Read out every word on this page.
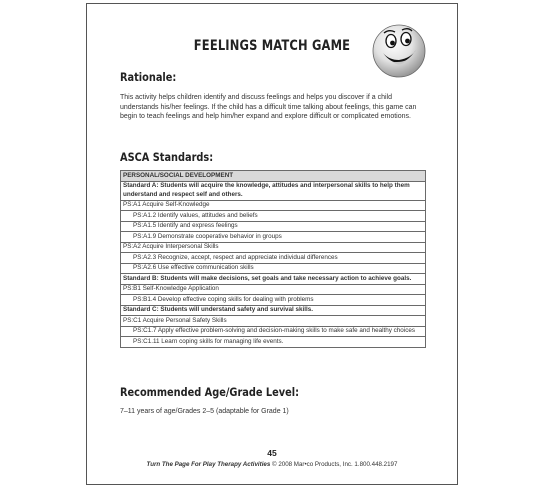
FEELINGS MATCH GAME
Rationale:
This activity helps children identify and discuss feelings and helps you discover if a child understands his/her feelings. If the child has a difficult time talking about feelings, this game can begin to teach feelings and help him/her expand and explore difficult or complicated emotions.
ASCA Standards:
PERSONAL/SOCIAL DEVELOPMENT
Standard A: Students will acquire the knowledge, attitudes and interpersonal skills to help them understand and respect self and others.
PS:A1 Acquire Self-Knowledge
PS:A1.2 Identify values, attitudes and beliefs
PS:A1.5 Identify and express feelings
PS:A1.9 Demonstrate cooperative behavior in groups
PS:A2 Acquire Interpersonal Skills
PS:A2.3 Recognize, accept, respect and appreciate individual differences
PS:A2.6 Use effective communication skills
Standard B: Students will make decisions, set goals and take necessary action to achieve goals.
PS:B1 Self-Knowledge Application
PS:B1.4 Develop effective coping skills for dealing with problems
Standard C: Students will understand safety and survival skills.
PS:C1 Acquire Personal Safety Skills
PS:C1.7 Apply effective problem-solving and decision-making skills to make safe and healthy choices
PS:C1.11 Learn coping skills for managing life events.
Recommended Age/Grade Level:
7–11 years of age/Grades 2–5 (adaptable for Grade 1)
45
Turn The Page For Play Therapy Activities © 2008 Mar•co Products, Inc. 1.800.448.2197
